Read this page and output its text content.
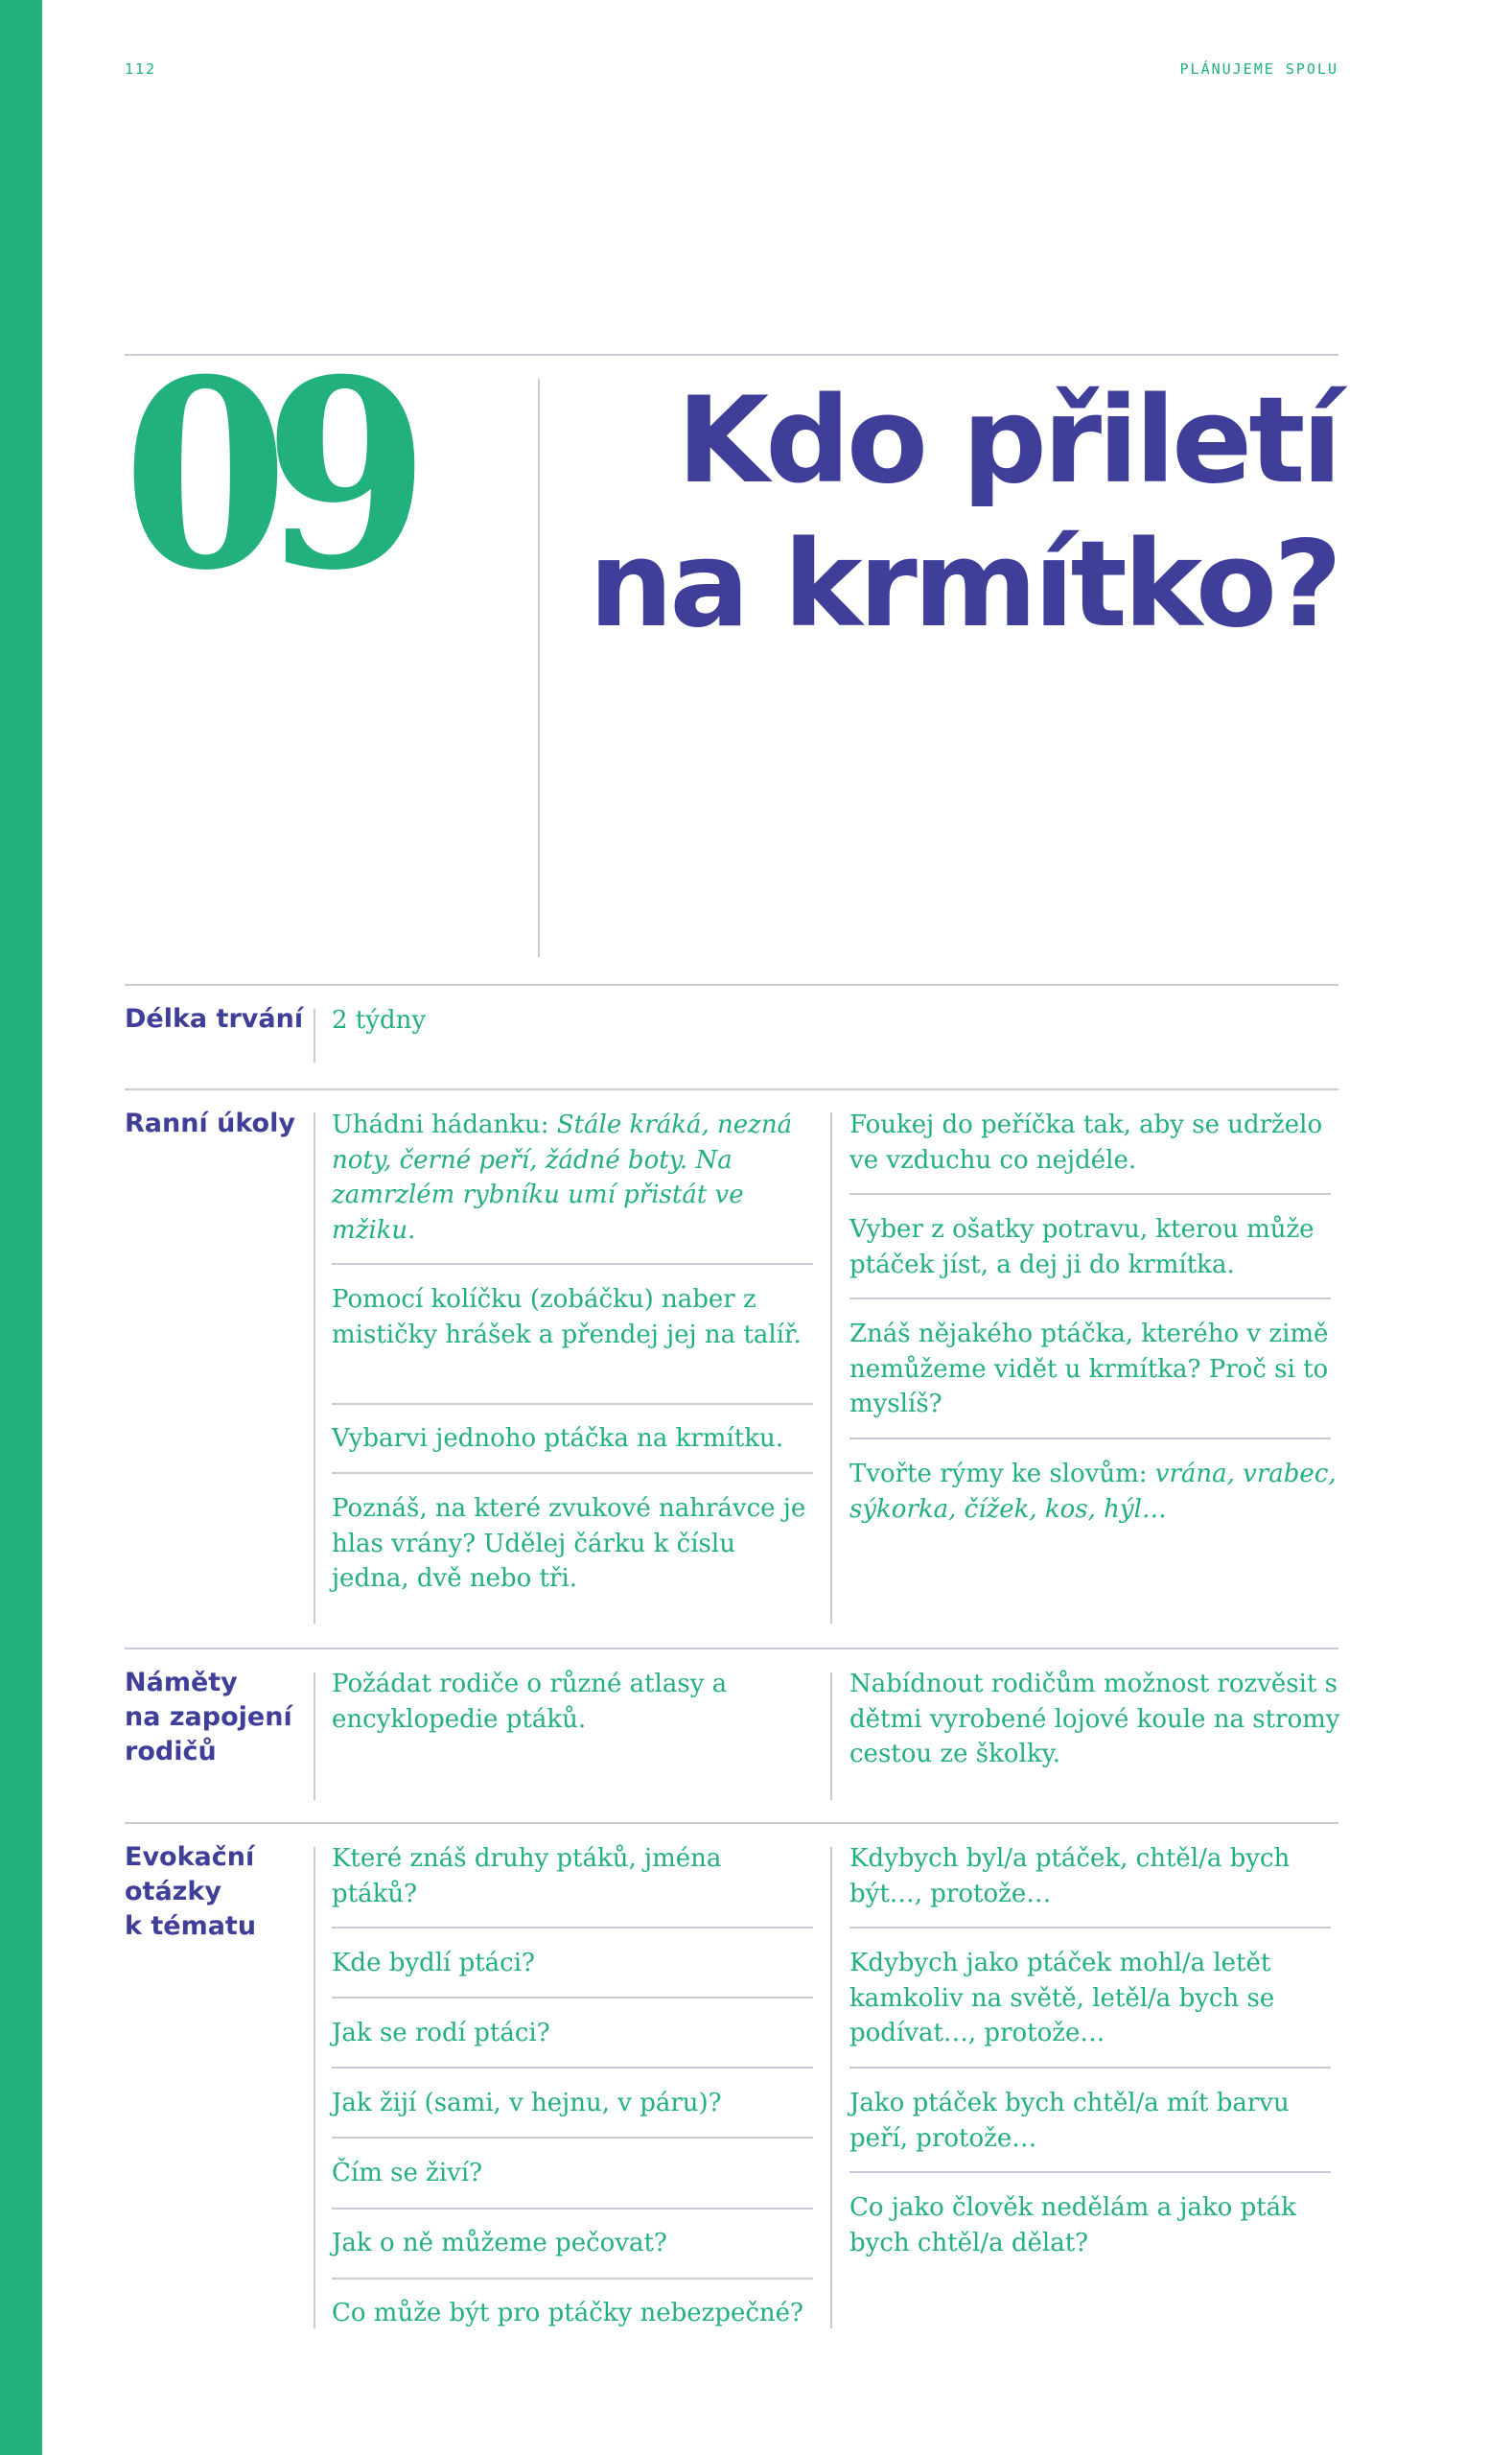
112	PLÁNUJEME SPOLU
09	Kdo přiletí
na krmítko?
Délka trvání 2 týdny
Ranní úkoly Uhádni hádanku: Stále kráká, nezná noty, černé peří, žádné boty. Na zamrzlém rybníku umí přistát ve mžiku.
Pomocí kolíčku (zobáčku) naber z mističky hrášek a přendej jej na talíř.
Vybarvi jednoho ptáčka na krmítku.
Poznáš, na které zvukové nahrávce je hlas vrány? Udělej čárku k číslu jedna, dvě nebo tři.
Foukej do peříčka tak, aby se udrželo ve vzduchu co nejdéle.
Vyber z ošatky potravu, kterou může ptáček jíst, a dej ji do krmítka.
Znáš nějakého ptáčka, kterého v zimě nemůžeme vidět u krmítka? Proč si to myslíš?
Tvořte rýmy ke slovům: vrána, vrabec, sýkorka, čížek, kos, hýl…
Náměty
na zapojení
rodičů
Požádat rodiče o různé atlasy a encyklopedie ptáků.
Nabídnout rodičům možnost rozvěsit s dětmi vyrobené lojové koule na stromy cestou ze školky.
Evokační
otázky
k tématu
Které znáš druhy ptáků, jména ptáků?
Kde bydlí ptáci?
Jak se rodí ptáci?
Jak žijí (sami, v hejnu, v páru)?
Čím se živí?
Jak o ně můžeme pečovat?
Co může být pro ptáčky nebezpečné?
Kdybych byl/a ptáček, chtěl/a bych být…, protože…
Kdybych jako ptáček mohl/a letět kamkoliv na světě, letěl/a bych se podívat…, protože…
Jako ptáček bych chtěl/a mít barvu peří, protože…
Co jako člověk nedělám a jako pták bych chtěl/a dělat?
